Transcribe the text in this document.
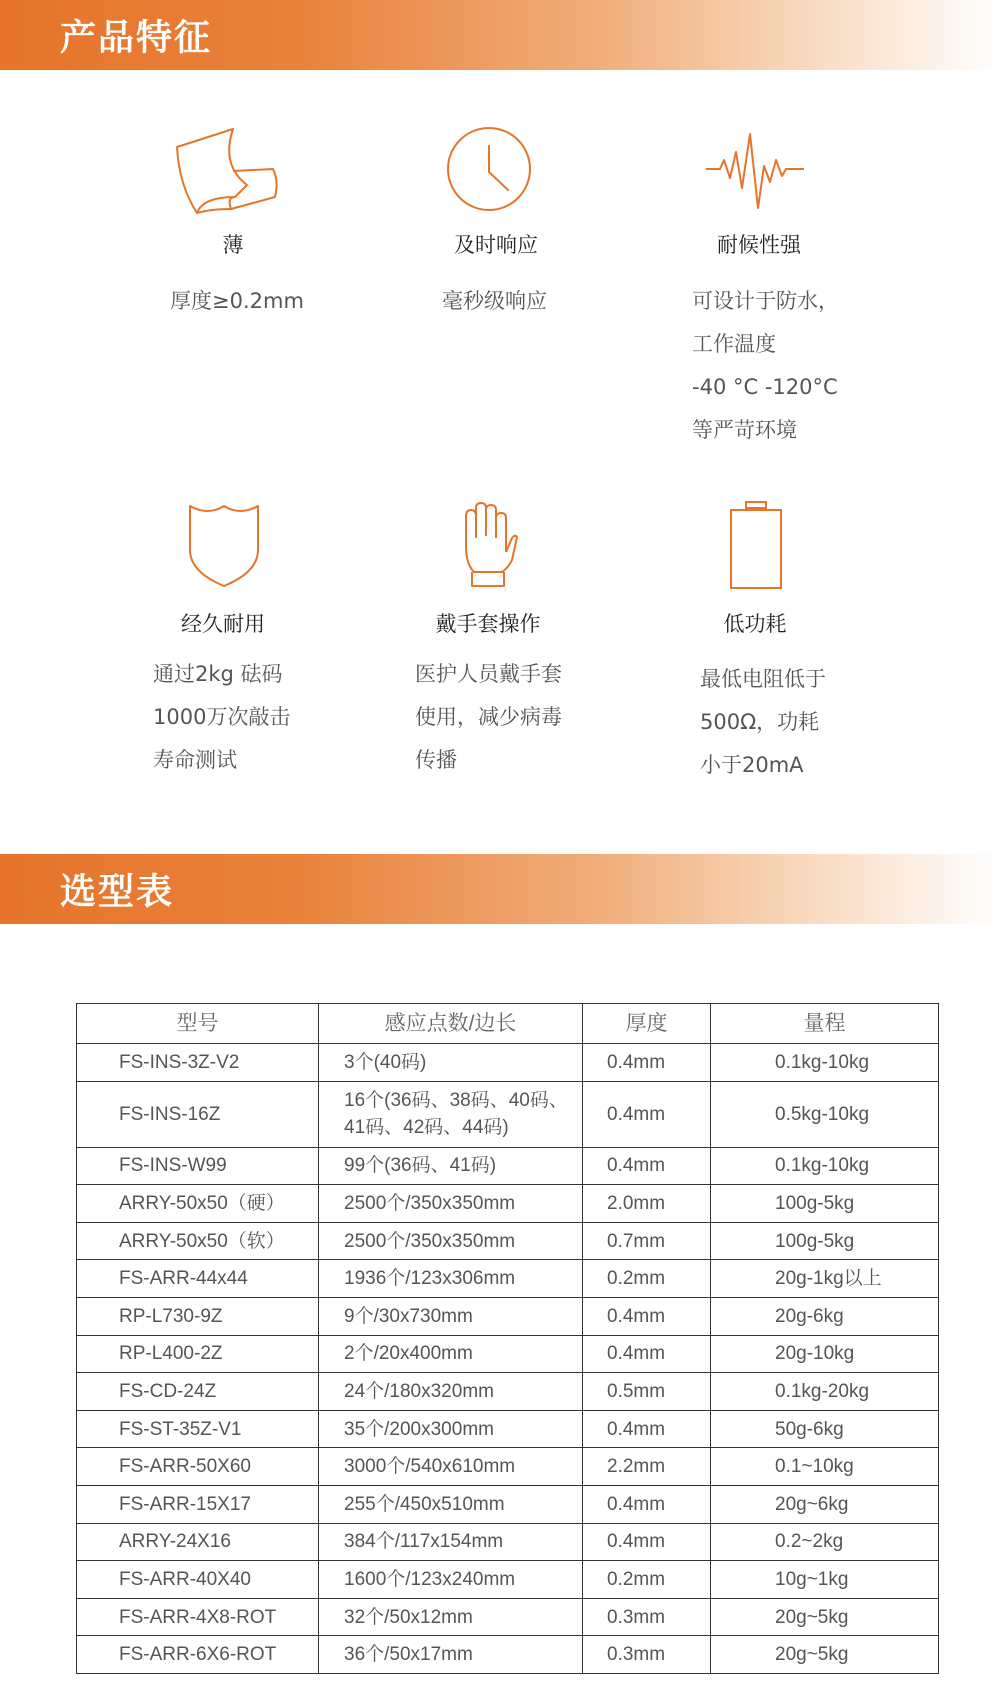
产品特征
薄	及时响应	耐候性强
厚度≥0.2mm	毫秒级响应	可设计于防水，
工作温度
-40 °C -120°C
等严苛环境
经久耐用	戴手套操作	低功耗
通过2kg 砝码
1000万次敲击
寿命测试
医护人员戴手套
使用，减少病毒
传播
最低电阻低于
500Ω，功耗
小于20mA
选型表
型号	感应点数/边长	厚度	量程
FS-INS-3Z-V2	3个(40码)	0.4mm	0.1kg-10kg
FS-INS-16Z	16个(36码、38码、40码、41码、42码、44码)	0.4mm	0.5kg-10kg
FS-INS-W99	99个(36码、41码)	0.4mm	0.1kg-10kg
ARRY-50x50（硬）	2500个/350x350mm	2.0mm	100g-5kg
ARRY-50x50（软）	2500个/350x350mm	0.7mm	100g-5kg
FS-ARR-44x44	1936个/123x306mm	0.2mm	20g-1kg以上
RP-L730-9Z	9个/30x730mm	0.4mm	20g-6kg
RP-L400-2Z	2个/20x400mm	0.4mm	20g-10kg
FS-CD-24Z	24个/180x320mm	0.5mm	0.1kg-20kg
FS-ST-35Z-V1	35个/200x300mm	0.4mm	50g-6kg
FS-ARR-50X60	3000个/540x610mm	2.2mm	0.1~10kg
FS-ARR-15X17	255个/450x510mm	0.4mm	20g~6kg
ARRY-24X16	384个/117x154mm	0.4mm	0.2~2kg
FS-ARR-40X40	1600个/123x240mm	0.2mm	10g~1kg
FS-ARR-4X8-ROT	32个/50x12mm	0.3mm	20g~5kg
FS-ARR-6X6-ROT	36个/50x17mm	0.3mm	20g~5kg
